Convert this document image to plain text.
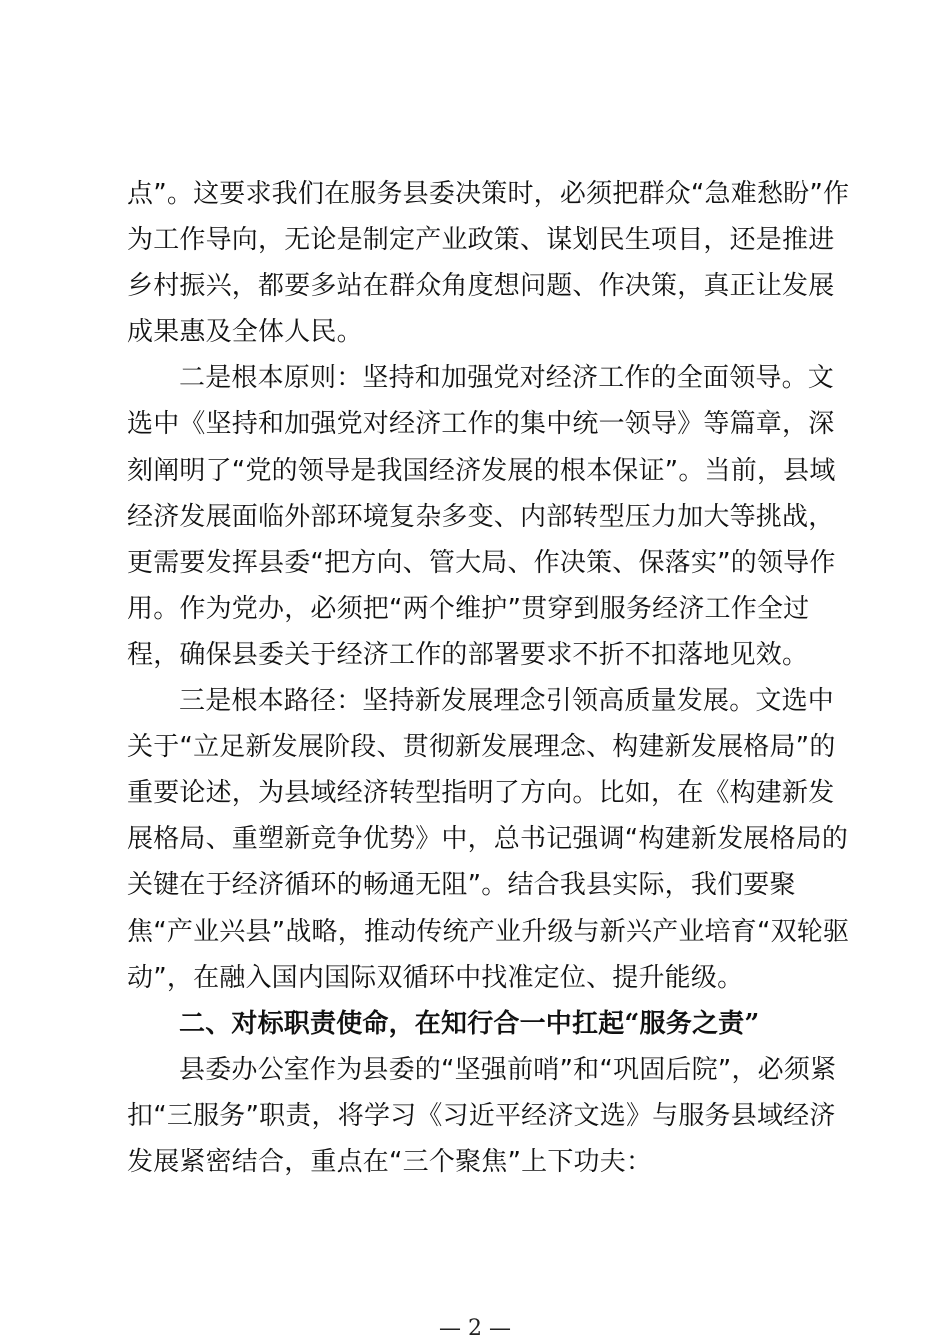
点”。这要求我们在服务县委决策时，必须把群众“急难愁盼”作
为工作导向，无论是制定产业政策、谋划民生项目，还是推进
乡村振兴，都要多站在群众角度想问题、作决策，真正让发展
成果惠及全体人民。
二是根本原则：坚持和加强党对经济工作的全面领导。文
选中《坚持和加强党对经济工作的集中统一领导》等篇章，深
刻阐明了“党的领导是我国经济发展的根本保证”。当前，县域
经济发展面临外部环境复杂多变、内部转型压力加大等挑战，
更需要发挥县委“把方向、管大局、作决策、保落实”的领导作
用。作为党办，必须把“两个维护”贯穿到服务经济工作全过
程，确保县委关于经济工作的部署要求不折不扣落地见效。
三是根本路径：坚持新发展理念引领高质量发展。文选中
关于“立足新发展阶段、贯彻新发展理念、构建新发展格局”的
重要论述，为县域经济转型指明了方向。比如，在《构建新发
展格局、重塑新竞争优势》中，总书记强调“构建新发展格局的
关键在于经济循环的畅通无阻”。结合我县实际，我们要聚
焦“产业兴县”战略，推动传统产业升级与新兴产业培育“双轮驱
动”，在融入国内国际双循环中找准定位、提升能级。
二、对标职责使命，在知行合一中扛起“服务之责”
县委办公室作为县委的“坚强前哨”和“巩固后院”，必须紧
扣“三服务”职责，将学习《习近平经济文选》与服务县域经济
发展紧密结合，重点在“三个聚焦”上下功夫：
— 2 —
